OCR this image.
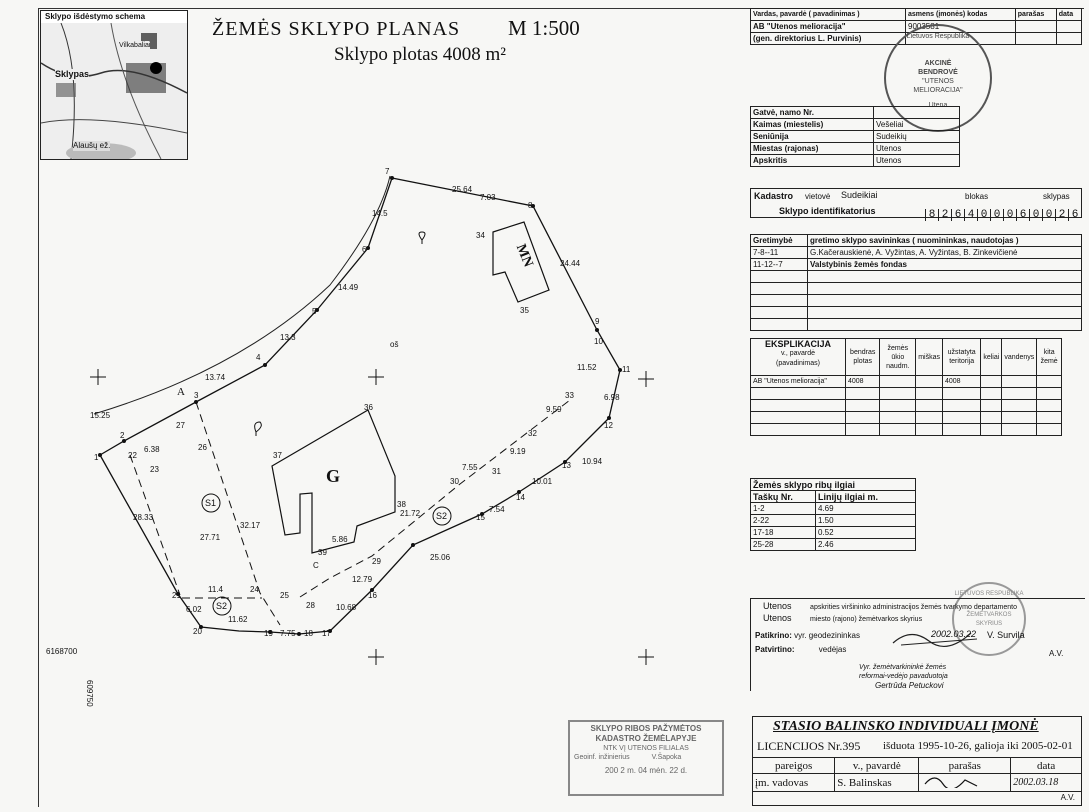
Sklypo išdėstymo schema
Vilkabaliai
Sklypas
Alaušų ež.
ŽEMĖS SKLYPO PLANAS M 1:500
Sklypo plotas 4008 m²
1
2
22
23
3
27
26
4
5
6
7
8
9
10
11
12
13
14
15
16
17
18
19
20
21
24
25
28
29
30
31
32
33
34
35
36
37
38
39
15.25
13.74
13.3
14.49
14.5
25.64
24.44
11.52
10.94
10.01
7.54
25.06
10.68
7.75
11.62
11.4
6.02
28.33
6.38
7.55
9.19
9.59
21.72
12.79
5.86
27.71
32.17
7.03
6.98
G
MN
A
C
oš
S1
S2
S2
6168700
609750
Vardas, pavardė ( pavadinimas )	asmens (įmonės) kodas	parašas	data
AB "Utenos melioracija"	9003581		
(gen. direktorius L. Purvinis)				Lietuvos Respublika
AKCINĖ
BENDROVĖ
"UTENOS
MELIORACIJA"
Utena
Gatvė, namo Nr.	
Kaimas (miestelis)	Vešeliai
Seniūnija	Sudeikių
Miestas (rajonas)	Utenos
Apskritis	Utenos
Kadastro vietovė Sudeikiai	blokas	sklypas
Sklypo identifikatorius	8 2 6 4 0 0 0 6 0 0 2 6
Gretimybė	gretimo sklypo savininkas ( nuomininkas, naudotojas )
7-8--11	G.Kačerauskienė, A. Vyžintas, A. Vyžintas, B. Zinkevičienė
11-12--7	Valstybinis žemės fondas

EKSPLIKACIJA
v., pavardė
(pavadinimas)	bendras plotas	žemės ūkio naudm.	miškas	užstatyta teritorija	keliai	vandenys	kita žemė
AB "Utenos melioracija"	4008			4008			

Žemės sklypo ribų ilgiai	
Taškų Nr.	Linijų ilgiai m.
1-2	4.69
2-22	1.50
17-18	0.52
25-28	2.46
LIETUVOS RESPUBLIKA
ŽEMĖTVARKOS SKYRIUS
Utenos	apskrities viršininko administracijos žemės tvarkymo departamento
Utenos	miesto (rajono) žemėtvarkos skyrius
Patikrino: vyr. geodezininkas
Patvirtino:	vedėjas
2002.03.22 V. Survila
A.V.
Vyr. žemėtvarkininkė žemės
reformai-vedėjo pavaduotoja
Gertrūda Petuckovi
SKLYPO RIBOS PAŽYMĖTOS
KADASTRO ŽEMĖLAPYJE
NTK VĮ UTENOS FILIALAS
Geoinf. inžinierius	V.Šapoka
200 2 m. 04 mėn. 22 d.
STASIO BALINSKO INDIVIDUALI ĮMONĖ
LICENCIJOS Nr.395 išduota 1995-10-26, galioja iki 2005-02-01
pareigos	v., pavardė	parašas	data
įm. vadovas	S. Balinskas		2002.03.18
A.V.
